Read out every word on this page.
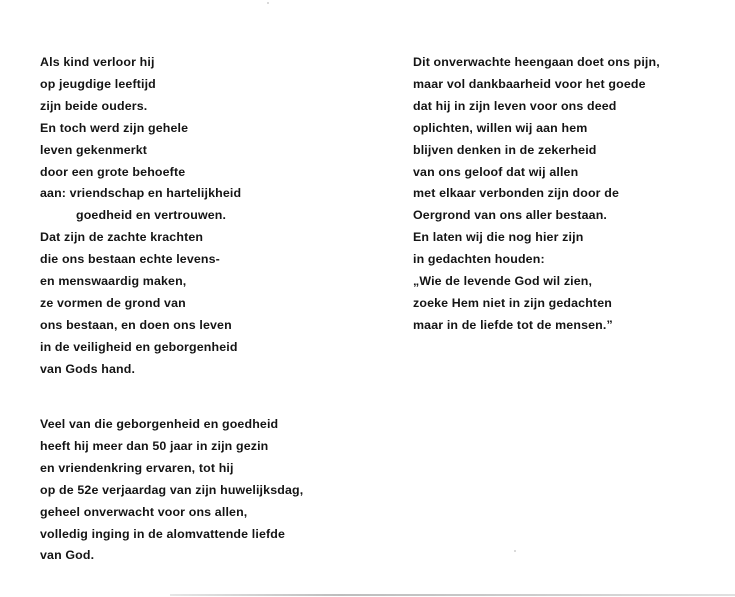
Als kind verloor hij
op jeugdige leeftijd
zijn beide ouders.
En toch werd zijn gehele
leven gekenmerkt
door een grote behoefte
aan: vriendschap en hartelijkheid
goedheid en vertrouwen.
Dat zijn de zachte krachten
die ons bestaan echte levens-
en menswaardig maken,
ze vormen de grond van
ons bestaan, en doen ons leven
in de veiligheid en geborgenheid
van Gods hand.
Veel van die geborgenheid en goedheid
heeft hij meer dan 50 jaar in zijn gezin
en vriendenkring ervaren, tot hij
op de 52e verjaardag van zijn huwelijksdag,
geheel onverwacht voor ons allen,
volledig inging in de alomvattende liefde
van God.
Dit onverwachte heengaan doet ons pijn,
maar vol dankbaarheid voor het goede
dat hij in zijn leven voor ons deed
oplichten, willen wij aan hem
blijven denken in de zekerheid
van ons geloof dat wij allen
met elkaar verbonden zijn door de
Oergrond van ons aller bestaan.
En laten wij die nog hier zijn
in gedachten houden:
„Wie de levende God wil zien,
zoeke Hem niet in zijn gedachten
maar in de liefde tot de mensen.”
